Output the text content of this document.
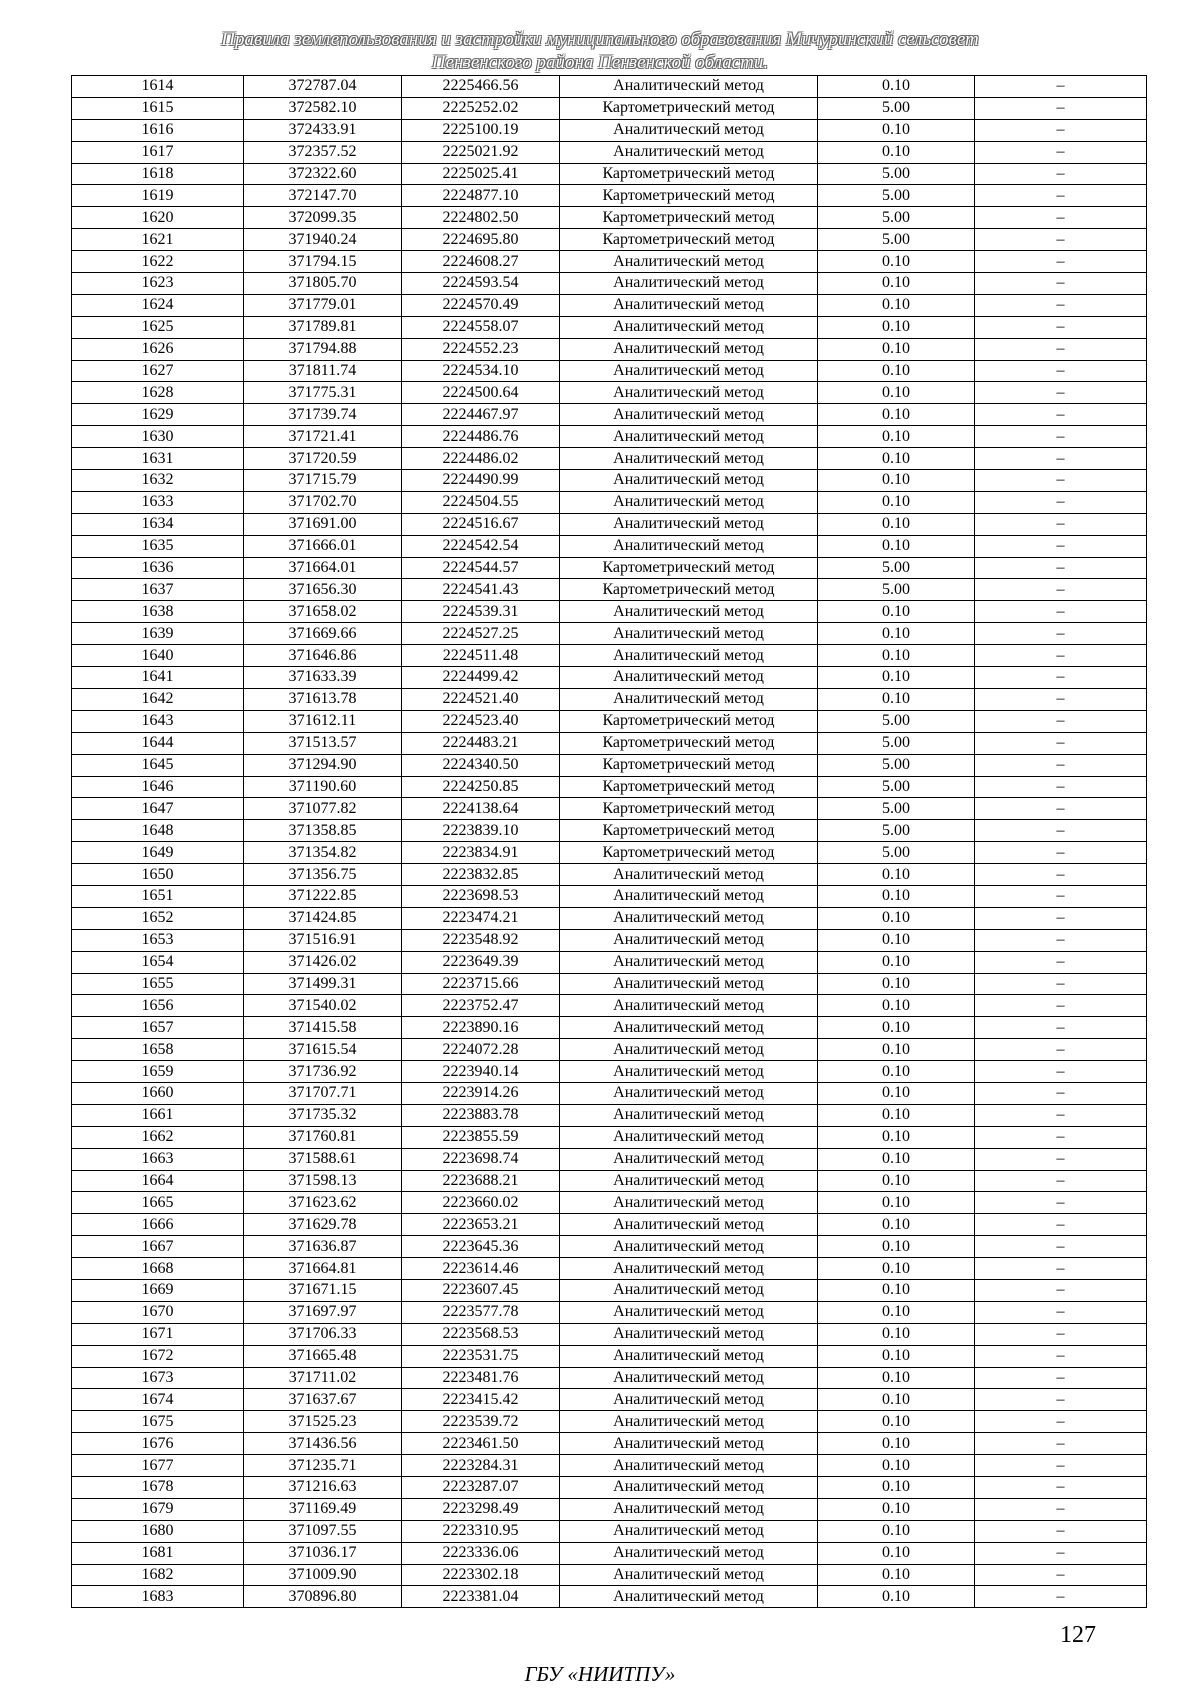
Правила землепользования и застройки муниципального образования Мичуринский сельсовет
Пензенского района Пензенской области.
1614	372787.04	2225466.56	Аналитический метод	0.10	–
1615	372582.10	2225252.02	Картометрический метод	5.00	–
1616	372433.91	2225100.19	Аналитический метод	0.10	–
1617	372357.52	2225021.92	Аналитический метод	0.10	–
1618	372322.60	2225025.41	Картометрический метод	5.00	–
1619	372147.70	2224877.10	Картометрический метод	5.00	–
1620	372099.35	2224802.50	Картометрический метод	5.00	–
1621	371940.24	2224695.80	Картометрический метод	5.00	–
1622	371794.15	2224608.27	Аналитический метод	0.10	–
1623	371805.70	2224593.54	Аналитический метод	0.10	–
1624	371779.01	2224570.49	Аналитический метод	0.10	–
1625	371789.81	2224558.07	Аналитический метод	0.10	–
1626	371794.88	2224552.23	Аналитический метод	0.10	–
1627	371811.74	2224534.10	Аналитический метод	0.10	–
1628	371775.31	2224500.64	Аналитический метод	0.10	–
1629	371739.74	2224467.97	Аналитический метод	0.10	–
1630	371721.41	2224486.76	Аналитический метод	0.10	–
1631	371720.59	2224486.02	Аналитический метод	0.10	–
1632	371715.79	2224490.99	Аналитический метод	0.10	–
1633	371702.70	2224504.55	Аналитический метод	0.10	–
1634	371691.00	2224516.67	Аналитический метод	0.10	–
1635	371666.01	2224542.54	Аналитический метод	0.10	–
1636	371664.01	2224544.57	Картометрический метод	5.00	–
1637	371656.30	2224541.43	Картометрический метод	5.00	–
1638	371658.02	2224539.31	Аналитический метод	0.10	–
1639	371669.66	2224527.25	Аналитический метод	0.10	–
1640	371646.86	2224511.48	Аналитический метод	0.10	–
1641	371633.39	2224499.42	Аналитический метод	0.10	–
1642	371613.78	2224521.40	Аналитический метод	0.10	–
1643	371612.11	2224523.40	Картометрический метод	5.00	–
1644	371513.57	2224483.21	Картометрический метод	5.00	–
1645	371294.90	2224340.50	Картометрический метод	5.00	–
1646	371190.60	2224250.85	Картометрический метод	5.00	–
1647	371077.82	2224138.64	Картометрический метод	5.00	–
1648	371358.85	2223839.10	Картометрический метод	5.00	–
1649	371354.82	2223834.91	Картометрический метод	5.00	–
1650	371356.75	2223832.85	Аналитический метод	0.10	–
1651	371222.85	2223698.53	Аналитический метод	0.10	–
1652	371424.85	2223474.21	Аналитический метод	0.10	–
1653	371516.91	2223548.92	Аналитический метод	0.10	–
1654	371426.02	2223649.39	Аналитический метод	0.10	–
1655	371499.31	2223715.66	Аналитический метод	0.10	–
1656	371540.02	2223752.47	Аналитический метод	0.10	–
1657	371415.58	2223890.16	Аналитический метод	0.10	–
1658	371615.54	2224072.28	Аналитический метод	0.10	–
1659	371736.92	2223940.14	Аналитический метод	0.10	–
1660	371707.71	2223914.26	Аналитический метод	0.10	–
1661	371735.32	2223883.78	Аналитический метод	0.10	–
1662	371760.81	2223855.59	Аналитический метод	0.10	–
1663	371588.61	2223698.74	Аналитический метод	0.10	–
1664	371598.13	2223688.21	Аналитический метод	0.10	–
1665	371623.62	2223660.02	Аналитический метод	0.10	–
1666	371629.78	2223653.21	Аналитический метод	0.10	–
1667	371636.87	2223645.36	Аналитический метод	0.10	–
1668	371664.81	2223614.46	Аналитический метод	0.10	–
1669	371671.15	2223607.45	Аналитический метод	0.10	–
1670	371697.97	2223577.78	Аналитический метод	0.10	–
1671	371706.33	2223568.53	Аналитический метод	0.10	–
1672	371665.48	2223531.75	Аналитический метод	0.10	–
1673	371711.02	2223481.76	Аналитический метод	0.10	–
1674	371637.67	2223415.42	Аналитический метод	0.10	–
1675	371525.23	2223539.72	Аналитический метод	0.10	–
1676	371436.56	2223461.50	Аналитический метод	0.10	–
1677	371235.71	2223284.31	Аналитический метод	0.10	–
1678	371216.63	2223287.07	Аналитический метод	0.10	–
1679	371169.49	2223298.49	Аналитический метод	0.10	–
1680	371097.55	2223310.95	Аналитический метод	0.10	–
1681	371036.17	2223336.06	Аналитический метод	0.10	–
1682	371009.90	2223302.18	Аналитический метод	0.10	–
1683	370896.80	2223381.04	Аналитический метод	0.10	–
127
ГБУ «НИИТПУ»
